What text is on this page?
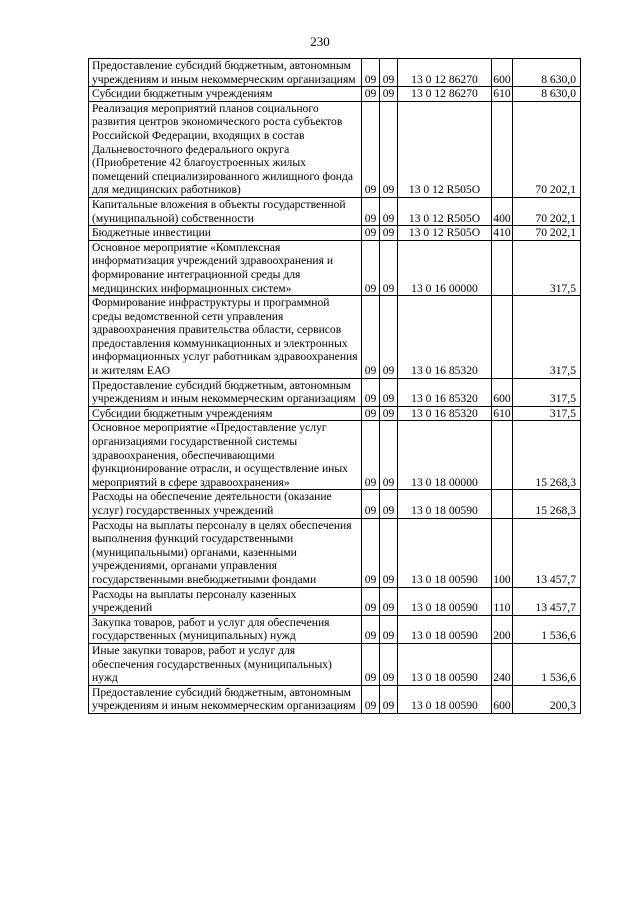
230
Предоставление субсидий бюджетным, автономным учреждениям и иным некоммерческим организациям	09	09	13 0 12 86270	600	8 630,0
Субсидии бюджетным учреждениям	09	09	13 0 12 86270	610	8 630,0
Реализация мероприятий планов социального развития центров экономического роста субъектов Российской Федерации, входящих в состав Дальневосточного федерального округа (Приобретение 42 благоустроенных жилых помещений специализированного жилищного фонда для медицинских работников)	09	09	13 0 12 R505O		70 202,1
Капитальные вложения в объекты государственной (муниципальной) собственности	09	09	13 0 12 R505O	400	70 202,1
Бюджетные инвестиции	09	09	13 0 12 R505O	410	70 202,1
Основное мероприятие «Комплексная информатизация учреждений здравоохранения и формирование интеграционной среды для медицинских информационных систем»	09	09	13 0 16 00000		317,5
Формирование инфраструктуры и программной среды ведомственной сети управления здравоохранения правительства области, сервисов предоставления коммуникационных и электронных информационных услуг работникам здравоохранения и жителям ЕАО	09	09	13 0 16 85320		317,5
Предоставление субсидий бюджетным, автономным учреждениям и иным некоммерческим организациям	09	09	13 0 16 85320	600	317,5
Субсидии бюджетным учреждениям	09	09	13 0 16 85320	610	317,5
Основное мероприятие «Предоставление услуг организациями государственной системы здравоохранения, обеспечивающими функционирование отрасли, и осуществление иных мероприятий в сфере здравоохранения»	09	09	13 0 18 00000		15 268,3
Расходы на обеспечение деятельности (оказание услуг) государственных учреждений	09	09	13 0 18 00590		15 268,3
Расходы на выплаты персоналу в целях обеспечения выполнения функций государственными (муниципальными) органами, казенными учреждениями, органами управления государственными внебюджетными фондами	09	09	13 0 18 00590	100	13 457,7
Расходы на выплаты персоналу казенных учреждений	09	09	13 0 18 00590	110	13 457,7
Закупка товаров, работ и услуг для обеспечения государственных (муниципальных) нужд	09	09	13 0 18 00590	200	1 536,6
Иные закупки товаров, работ и услуг для обеспечения государственных (муниципальных) нужд	09	09	13 0 18 00590	240	1 536,6
Предоставление субсидий бюджетным, автономным учреждениям и иным некоммерческим организациям	09	09	13 0 18 00590	600	200,3
